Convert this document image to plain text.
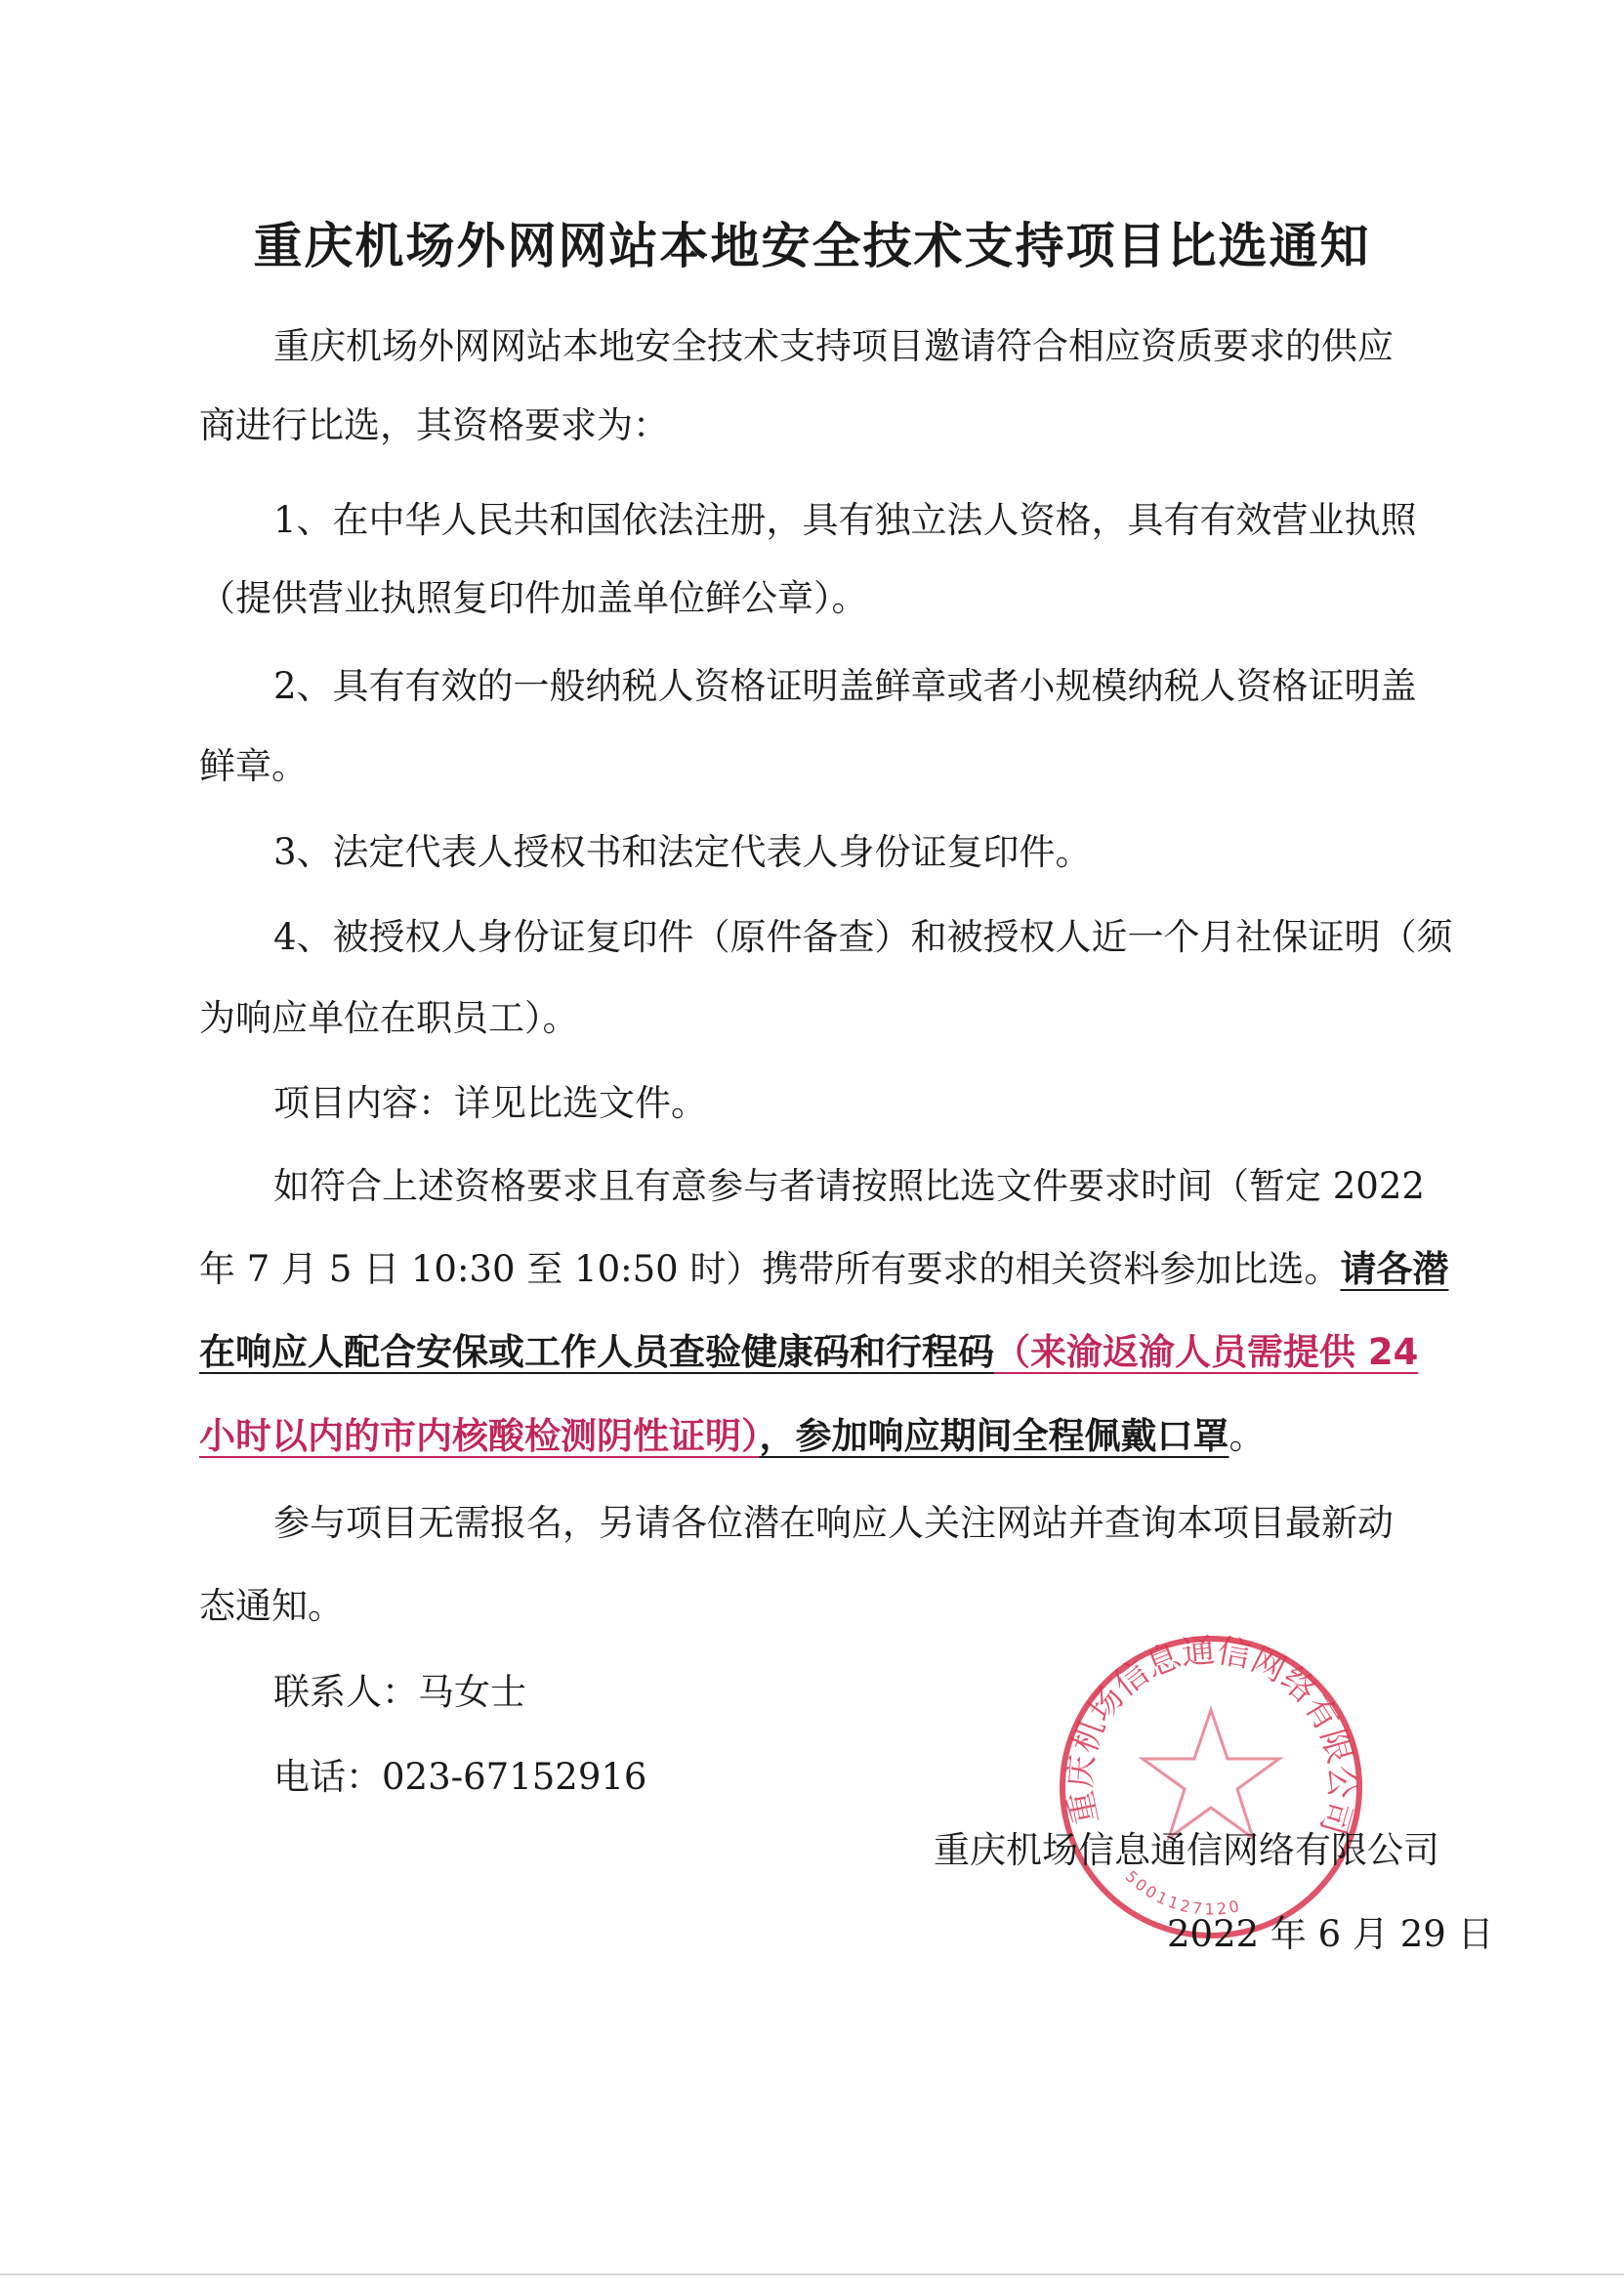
重庆机场外网网站本地安全技术支持项目比选通知
重庆机场外网网站本地安全技术支持项目邀请符合相应资质要求的供应
商进行比选，其资格要求为：
1、在中华人民共和国依法注册，具有独立法人资格，具有有效营业执照
（提供营业执照复印件加盖单位鲜公章）。
2、具有有效的一般纳税人资格证明盖鲜章或者小规模纳税人资格证明盖
鲜章。
3、法定代表人授权书和法定代表人身份证复印件。
4、被授权人身份证复印件（原件备查）和被授权人近一个月社保证明（须
为响应单位在职员工）。
项目内容：详见比选文件。
如符合上述资格要求且有意参与者请按照比选文件要求时间（暂定 2022
年 7 月 5 日 10:30 至 10:50 时）携带所有要求的相关资料参加比选。请各潜
在响应人配合安保或工作人员查验健康码和行程码（来渝返渝人员需提供 24
小时以内的市内核酸检测阴性证明），参加响应期间全程佩戴口罩。
参与项目无需报名，另请各位潜在响应人关注网站并查询本项目最新动
态通知。
联系人：马女士
电话：023-67152916
重庆机场信息通信网络有限公司
5001127120
重庆机场信息通信网络有限公司
2022 年 6 月 29 日
